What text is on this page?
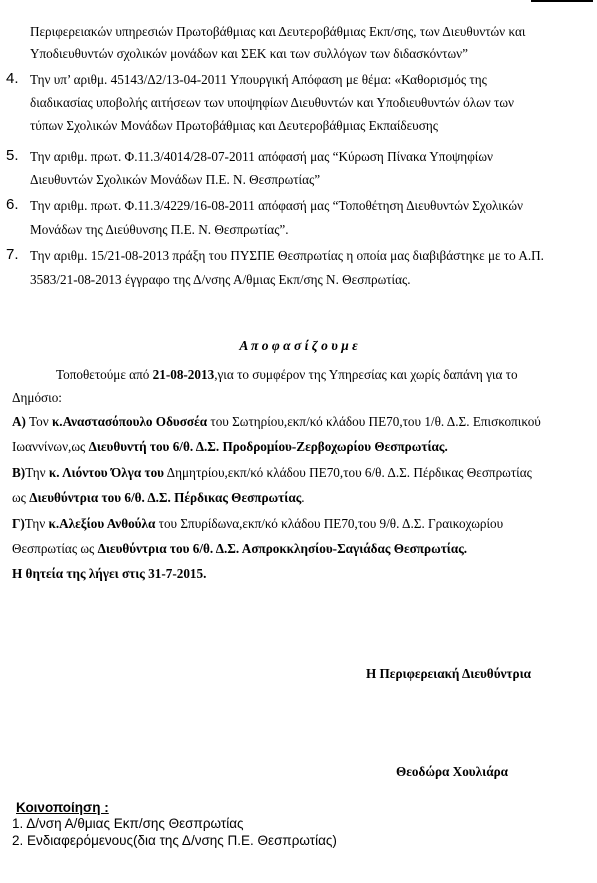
Περιφερειακών υπηρεσιών Πρωτοβάθμιας και Δευτεροβάθμιας Εκπ/σης, των Διευθυντών και
Υποδιευθυντών σχολικών μονάδων και ΣΕΚ και των συλλόγων των διδασκόντων”
4. Την υπ’ αριθμ. 45143/Δ2/13-04-2011 Υπουργική Απόφαση με θέμα: «Καθορισμός της
διαδικασίας υποβολής αιτήσεων των υποψηφίων Διευθυντών και Υποδιευθυντών όλων των
τύπων Σχολικών Μονάδων Πρωτοβάθμιας και Δευτεροβάθμιας Εκπαίδευσης
5. Την αριθμ. πρωτ. Φ.11.3/4014/28-07-2011 απόφασή μας “Κύρωση Πίνακα Υποψηφίων
Διευθυντών Σχολικών Μονάδων Π.Ε. Ν. Θεσπρωτίας”
6. Την αριθμ. πρωτ. Φ.11.3/4229/16-08-2011 απόφασή μας “Τοποθέτηση Διευθυντών Σχολικών
Μονάδων της Διεύθυνσης Π.Ε. Ν. Θεσπρωτίας”.
7. Την αριθμ. 15/21-08-2013 πράξη του ΠΥΣΠΕ Θεσπρωτίας η οποία μας διαβιβάστηκε με το Α.Π.
3583/21-08-2013 έγγραφο της Δ/νσης Α/θμιας Εκπ/σης Ν. Θεσπρωτίας.
Α π ο φ α σ ί ζ ο υ μ ε
Τοποθετούμε από 21-08-2013,για το συμφέρον της Υπηρεσίας και χωρίς δαπάνη για το
Δημόσιο:
Α) Τον κ.Αναστασόπουλο Οδυσσέα του Σωτηρίου,εκπ/κό κλάδου ΠΕ70,του 1/θ. Δ.Σ. Επισκοπικού
Ιωαννίνων,ως Διευθυντή του 6/θ. Δ.Σ. Προδρομίου-Ζερβοχωρίου Θεσπρωτίας.
Β)Την κ. Λιόντου Όλγα του Δημητρίου,εκπ/κό κλάδου ΠΕ70,του 6/θ. Δ.Σ. Πέρδικας Θεσπρωτίας
ως Διευθύντρια του 6/θ. Δ.Σ. Πέρδικας Θεσπρωτίας.
Γ)Την κ.Αλεξίου Ανθούλα του Σπυρίδωνα,εκπ/κό κλάδου ΠΕ70,του 9/θ. Δ.Σ. Γραικοχωρίου
Θεσπρωτίας ως Διευθύντρια του 6/θ. Δ.Σ. Ασπροκκλησίου-Σαγιάδας Θεσπρωτίας.
Η θητεία της λήγει στις 31-7-2015.
Η Περιφερειακή Διευθύντρια
Θεοδώρα Χουλιάρα
Κοινοποίηση :
1. Δ/νση Α/θμιας Εκπ/σης Θεσπρωτίας
2. Ενδιαφερόμενους(δια της Δ/νσης Π.Ε. Θεσπρωτίας)
